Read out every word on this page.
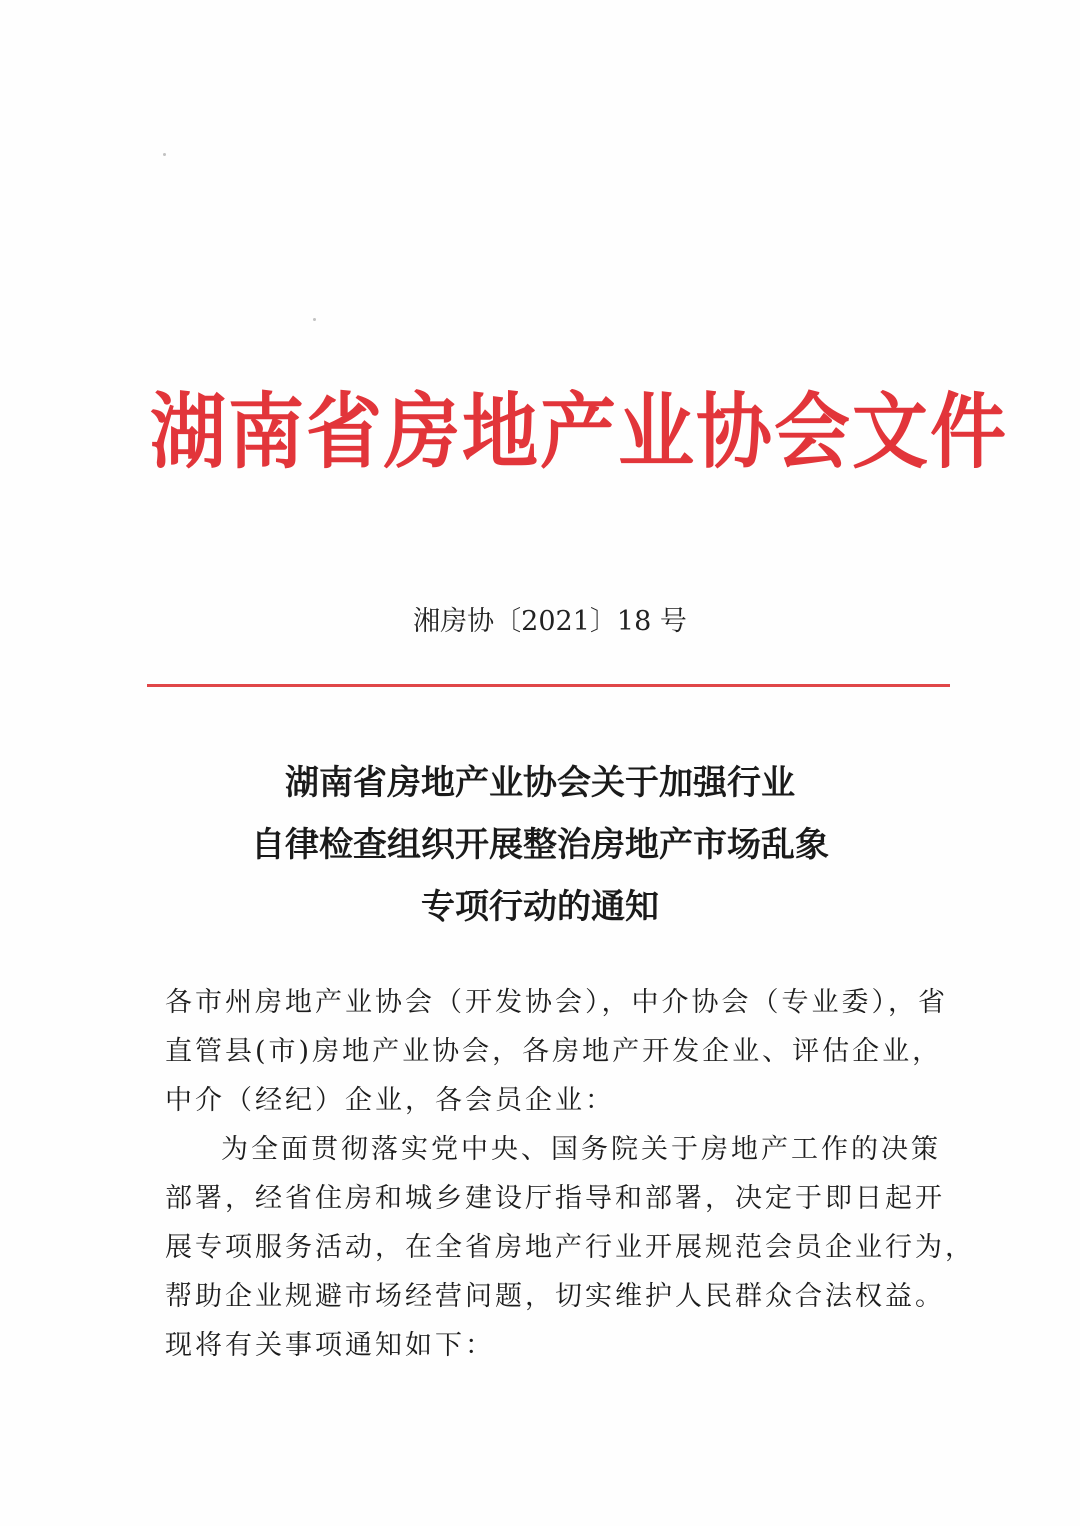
湖南省房地产业协会文件
湘房协〔2021〕18 号
湖南省房地产业协会关于加强行业
自律检查组织开展整治房地产市场乱象
专项行动的通知
各市州房地产业协会（开发协会），中介协会（专业委），省
直管县(市)房地产业协会，各房地产开发企业、评估企业，
中介（经纪）企业，各会员企业：
为全面贯彻落实党中央、国务院关于房地产工作的决策
部署，经省住房和城乡建设厅指导和部署，决定于即日起开
展专项服务活动，在全省房地产行业开展规范会员企业行为，
帮助企业规避市场经营问题，切实维护人民群众合法权益。
现将有关事项通知如下：
